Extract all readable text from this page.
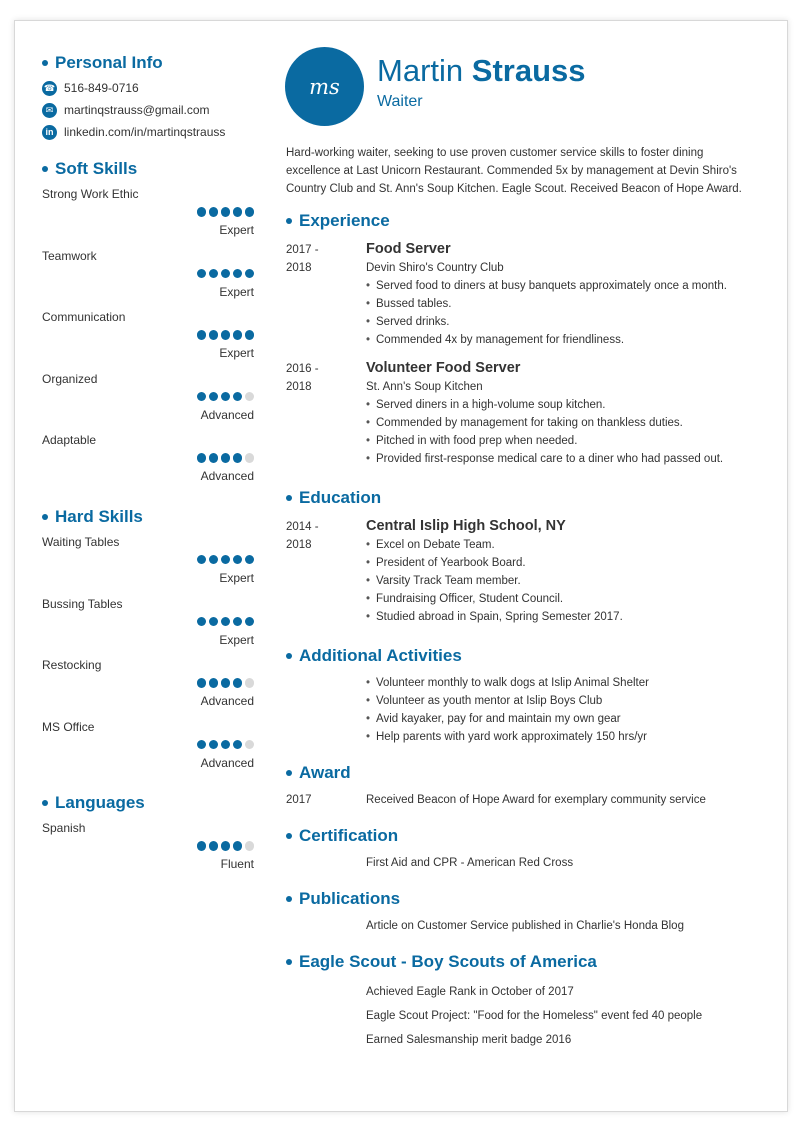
Personal Info
☎ 516-849-0716
✉ martinqstrauss@gmail.com
in linkedin.com/in/martinqstrauss
Soft Skills
Strong Work Ethic
Expert
Teamwork
Expert
Communication
Expert
Organized
Advanced
Adaptable
Advanced
Hard Skills
Waiting Tables
Expert
Bussing Tables
Expert
Restocking
Advanced
MS Office
Advanced
Languages
Spanish
Fluent
ms Martin Strauss
Waiter
Hard-working waiter, seeking to use proven customer service skills to foster dining excellence at Last Unicorn Restaurant. Commended 5x by management at Devin Shiro's Country Club and St. Ann's Soup Kitchen. Eagle Scout. Received Beacon of Hope Award.
Experience
2017 -
2018
Food Server
Devin Shiro's Country Club
• Served food to diners at busy banquets approximately once a month.
• Bussed tables.
• Served drinks.
• Commended 4x by management for friendliness.
2016 -
2018
Volunteer Food Server
St. Ann's Soup Kitchen
• Served diners in a high-volume soup kitchen.
• Commended by management for taking on thankless duties.
• Pitched in with food prep when needed.
• Provided first-response medical care to a diner who had passed out.
Education
2014 -
2018
Central Islip High School, NY
• Excel on Debate Team.
• President of Yearbook Board.
• Varsity Track Team member.
• Fundraising Officer, Student Council.
• Studied abroad in Spain, Spring Semester 2017.
Additional Activities
• Volunteer monthly to walk dogs at Islip Animal Shelter
• Volunteer as youth mentor at Islip Boys Club
• Avid kayaker, pay for and maintain my own gear
• Help parents with yard work approximately 150 hrs/yr
Award
2017	Received Beacon of Hope Award for exemplary community service
Certification
First Aid and CPR - American Red Cross
Publications
Article on Customer Service published in Charlie's Honda Blog
Eagle Scout - Boy Scouts of America
Achieved Eagle Rank in October of 2017
Eagle Scout Project: "Food for the Homeless" event fed 40 people
Earned Salesmanship merit badge 2016
